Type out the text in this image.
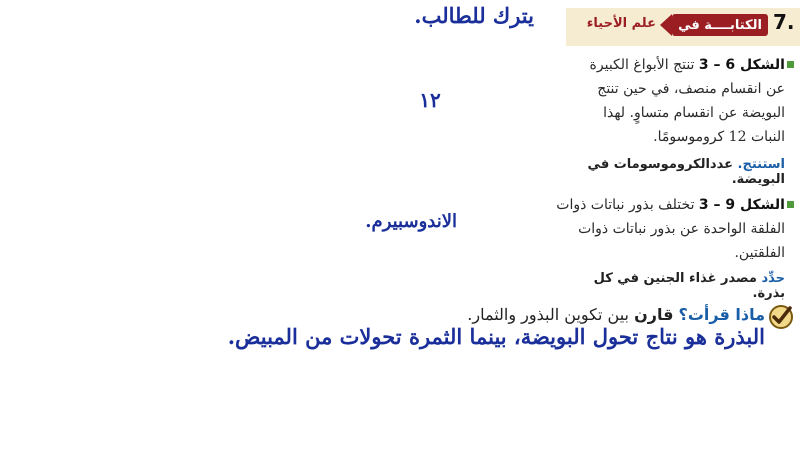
7.
الكتابــــة في
علم الأحياء
يترك للطالب.
١٢
الاندوسبيرم.
البذرة هو نتاج تحول البويضة، بينما الثمرة تحولات من المبيض.
الشكل 6 – 3 تنتج الأبواغ الكبيرة عن انقسام منصف، في حين تنتج البويضة عن انقسام متساوٍ. لهذا النبات 12 كروموسومًا.
استنتج. عددالكروموسومات في البويضة.
الشكل 9 – 3 تختلف بذور نباتات ذوات الفلقة الواحدة عن بذور نباتات ذوات الفلقتين.
حدِّد مصدر غذاء الجنين في كل بذرة.
ماذا قرأت؟ قارن بين تكوين البذور والثمار.
